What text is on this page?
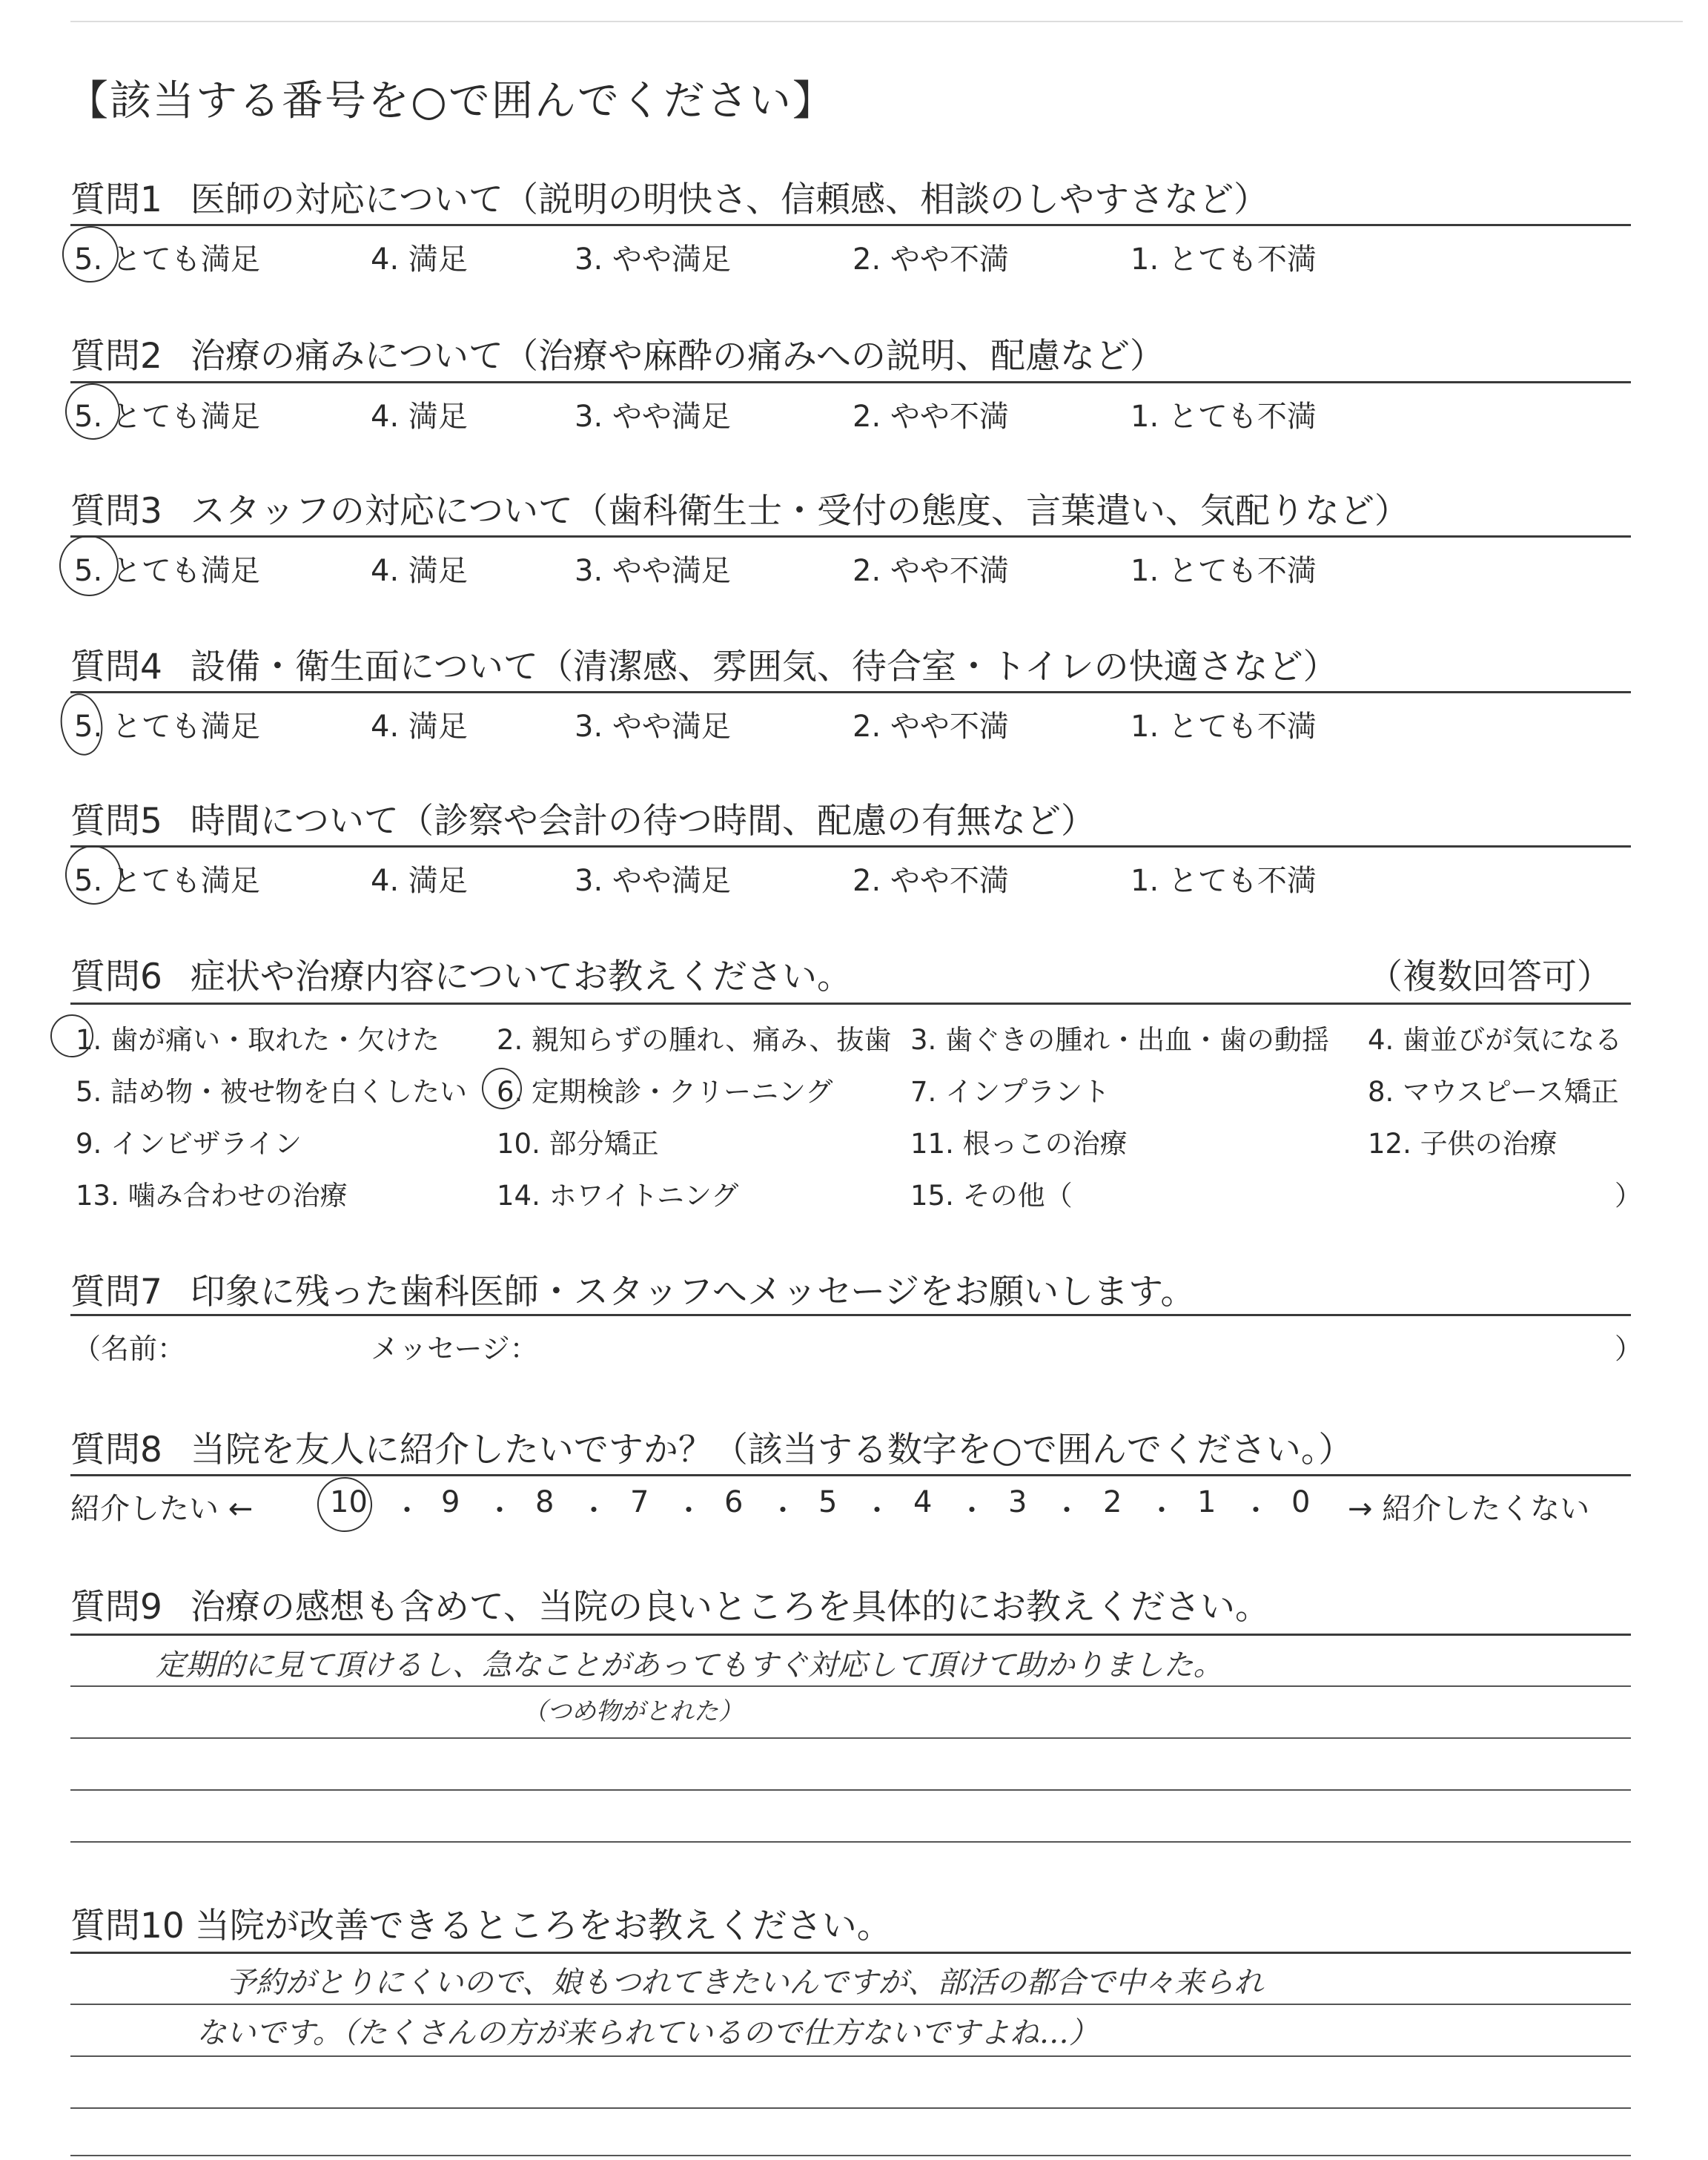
【該当する番号を○で囲んでください】
質問1 医師の対応について（説明の明快さ、信頼感、相談のしやすさなど）
5. とても満足	4. 満足	3. やや満足	2. やや不満	1. とても不満
質問2 治療の痛みについて（治療や麻酔の痛みへの説明、配慮など）
5. とても満足	4. 満足	3. やや満足	2. やや不満	1. とても不満
質問3 スタッフの対応について（歯科衛生士・受付の態度、言葉遣い、気配りなど）
5. とても満足	4. 満足	3. やや満足	2. やや不満	1. とても不満
質問4 設備・衛生面について（清潔感、雰囲気、待合室・トイレの快適さなど）
5. とても満足	4. 満足	3. やや満足	2. やや不満	1. とても不満
質問5 時間について（診察や会計の待つ時間、配慮の有無など）
5. とても満足	4. 満足	3. やや満足	2. やや不満	1. とても不満
質問6 症状や治療内容についてお教えください。	（複数回答可）
1. 歯が痛い・取れた・欠けた 2. 親知らずの腫れ、痛み、抜歯 3. 歯ぐきの腫れ・出血・歯の動揺 4. 歯並びが気になる
5. 詰め物・被せ物を白くしたい 6. 定期検診・クリーニング	7. インプラント	8. マウスピース矯正
9. インビザライン	10. 部分矯正	11. 根っこの治療	12. 子供の治療
13. 噛み合わせの治療	14. ホワイトニング	15. その他（	）
質問7 印象に残った歯科医師・スタッフへメッセージをお願いします。
（名前：	メッセージ：	）
質問8 当院を友人に紹介したいですか？（該当する数字を○で囲んでください。）
紹介したい ←	10 ・ 9 ・ 8 ・ 7 ・ 6 ・ 5 ・ 4 ・ 3 ・ 2 ・ 1 ・ 0 → 紹介したくない
質問9 治療の感想も含めて、当院の良いところを具体的にお教えください。
定期的に見て頂けるし、急なことがあってもすぐ対応して頂けて助かりました。
（つめ物がとれた）
質問10 当院が改善できるところをお教えください。
予約がとりにくいので、娘もつれてきたいんですが、部活の都合で中々来られ
ないです。（たくさんの方が来られているので仕方ないですよね…）
